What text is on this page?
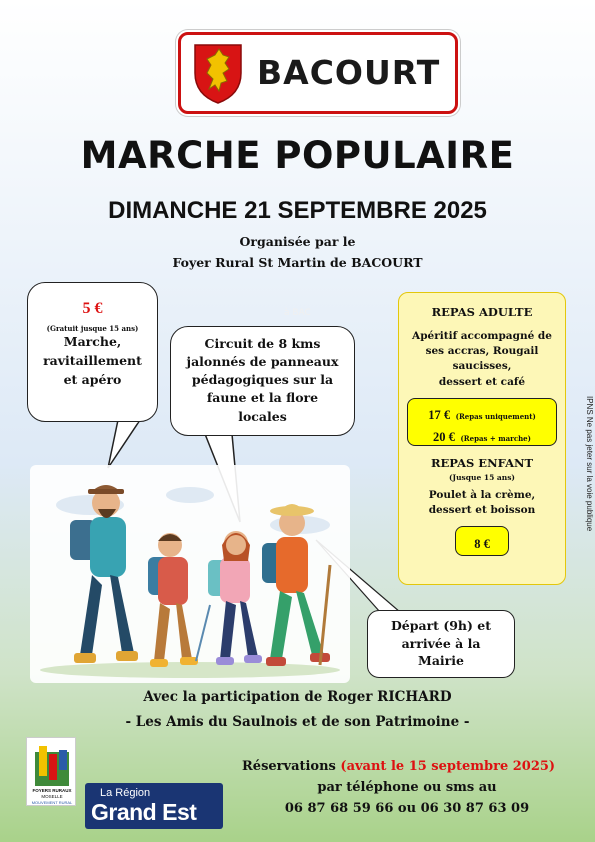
BACOURT
MARCHE POPULAIRE
DIMANCHE 21 SEPTEMBRE 2025
Organisée par le
Foyer Rural St Martin de BACOURT
à BAC
5 €
(Gratuit jusque 15 ans)
Marche,
ravitaillement
et apéro
Circuit de 8 kms
jalonnés de panneaux
pédagogiques sur la
faune et la flore
locales
Départ (9h) et
arrivée à la
Mairie
REPAS ADULTE
Apéritif accompagné de
ses accras, Rougail
saucisses,
dessert et café
17 € (Repas uniquement)
20 € (Repas + marche)
REPAS ENFANT
(Jusque 15 ans)
Poulet à la crème,
dessert et boisson
8 €
IPNS Ne pas jeter sur la voie publique
Avec la participation de Roger RICHARD
- Les Amis du Saulnois et de son Patrimoine -
FOYERS RURAUX
MOSELLE
MOUVEMENT RURAL
La Région
Grand Est
Réservations (avant le 15 septembre 2025)
par téléphone ou sms au
06 87 68 59 66 ou 06 30 87 63 09
